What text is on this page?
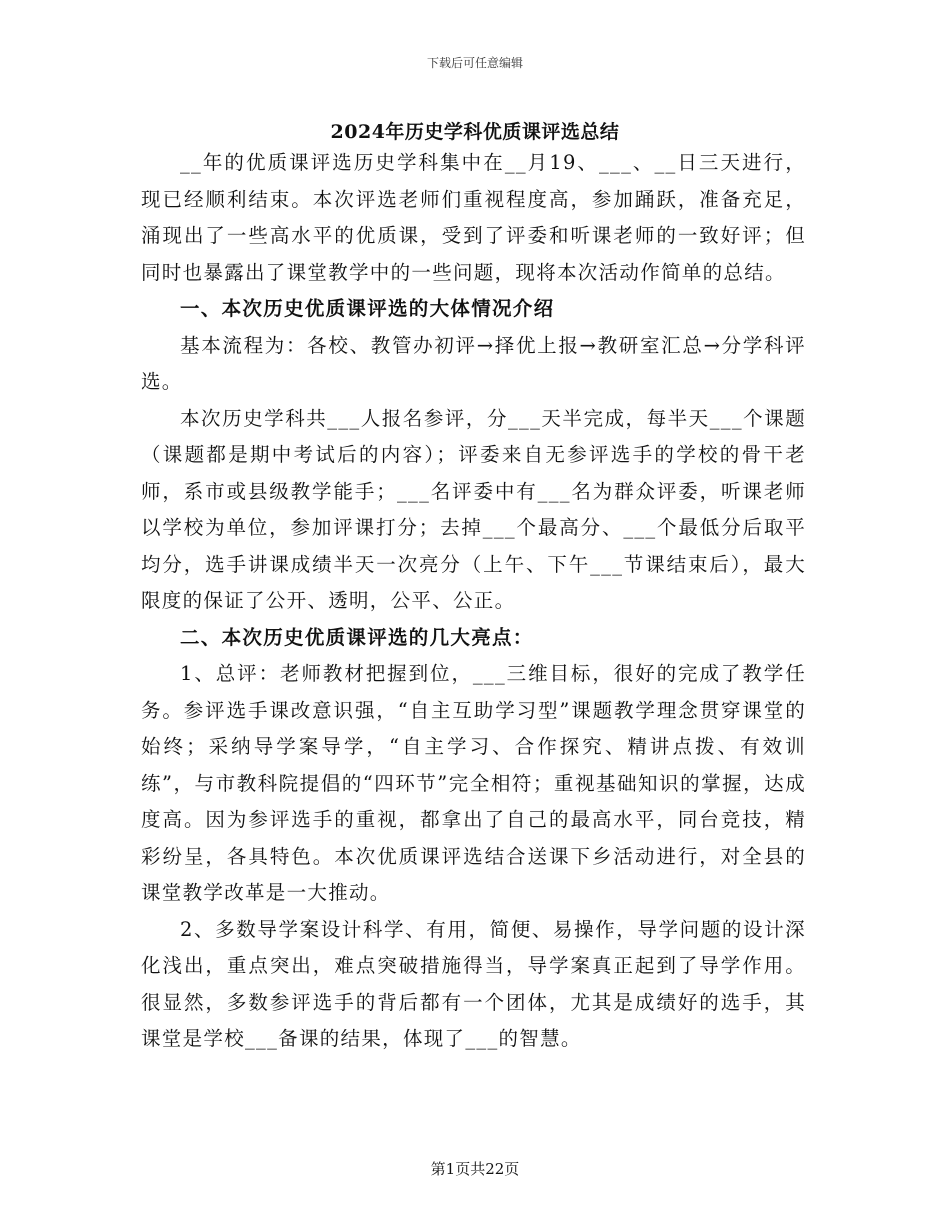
下载后可任意编辑
2024年历史学科优质课评选总结

__年的优质课评选历史学科集中在__月19、___、__日三天进行，现已经顺利结束。本次评选老师们重视程度高，参加踊跃，准备充足，涌现出了一些高水平的优质课，受到了评委和听课老师的一致好评；但同时也暴露出了课堂教学中的一些问题，现将本次活动作简单的总结。

一、本次历史优质课评选的大体情况介绍

基本流程为：各校、教管办初评→择优上报→教研室汇总→分学科评选。

本次历史学科共___人报名参评，分___天半完成，每半天___个课题（课题都是期中考试后的内容）；评委来自无参评选手的学校的骨干老师，系市或县级教学能手；___名评委中有___名为群众评委，听课老师以学校为单位，参加评课打分；去掉___个最高分、___个最低分后取平均分，选手讲课成绩半天一次亮分（上午、下午___节课结束后），最大限度的保证了公开、透明，公平、公正。

二、本次历史优质课评选的几大亮点：

1、总评：老师教材把握到位，___三维目标，很好的完成了教学任务。参评选手课改意识强，“自主互助学习型”课题教学理念贯穿课堂的始终；采纳导学案导学，“自主学习、合作探究、精讲点拨、有效训练”，与市教科院提倡的“四环节”完全相符；重视基础知识的掌握，达成度高。因为参评选手的重视，都拿出了自己的最高水平，同台竞技，精彩纷呈，各具特色。本次优质课评选结合送课下乡活动进行，对全县的课堂教学改革是一大推动。

2、多数导学案设计科学、有用，简便、易操作，导学问题的设计深化浅出，重点突出，难点突破措施得当，导学案真正起到了导学作用。很显然，多数参评选手的背后都有一个团体，尤其是成绩好的选手，其课堂是学校___备课的结果，体现了___的智慧。

第1页共22页
